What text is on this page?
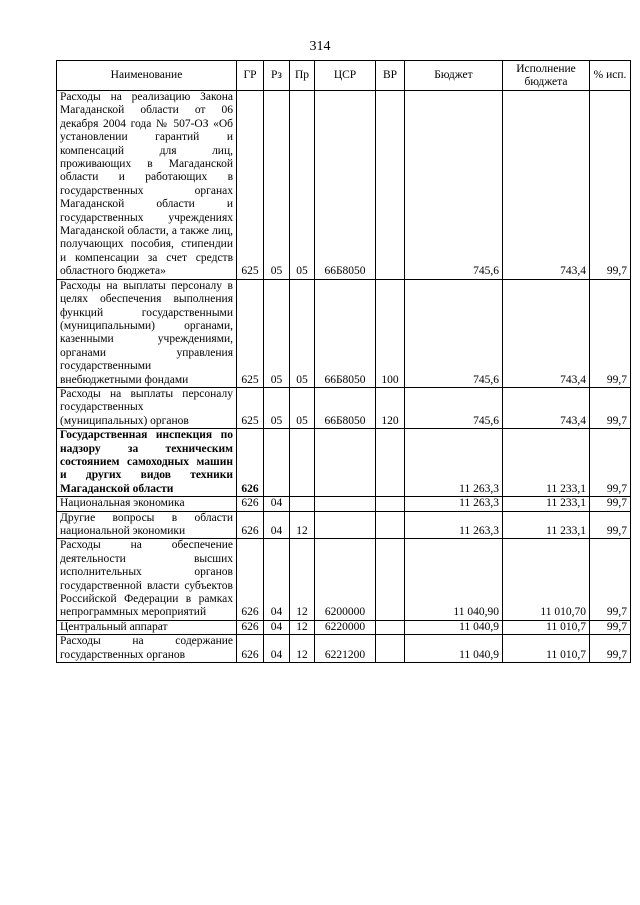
314
Наименование	ГР	Рз	Пр	ЦСР	ВР	Бюджет	Исполнение бюджета	% исп.
Расходы на реализацию Закона Магаданской области от 06 декабря 2004 года № 507-ОЗ «Об установлении гарантий и компенсаций для лиц, проживающих в Магаданской области и работающих в государственных органах Магаданской области и государственных учреждениях Магаданской области, а также лиц, получающих пособия, стипендии и компенсации за счет средств областного бюджета»	625	05	05	66Б8050		745,6	743,4	99,7
Расходы на выплаты персоналу в целях обеспечения выполнения функций государственными (муниципальными) органами, казенными учреждениями, органами управления государственными внебюджетными фондами	625	05	05	66Б8050	100	745,6	743,4	99,7
Расходы на выплаты персоналу государственных (муниципальных) органов	625	05	05	66Б8050	120	745,6	743,4	99,7
Государственная инспекция по надзору за техническим состоянием самоходных машин и других видов техники Магаданской области	626					11 263,3	11 233,1	99,7
Национальная экономика	626	04				11 263,3	11 233,1	99,7
Другие вопросы в области национальной экономики	626	04	12			11 263,3	11 233,1	99,7
Расходы на обеспечение деятельности высших исполнительных органов государственной власти субъектов Российской Федерации в рамках непрограммных мероприятий	626	04	12	6200000		11 040,90	11 010,70	99,7
Центральный аппарат	626	04	12	6220000		11 040,9	11 010,7	99,7
Расходы на содержание государственных органов	626	04	12	6221200		11 040,9	11 010,7	99,7
